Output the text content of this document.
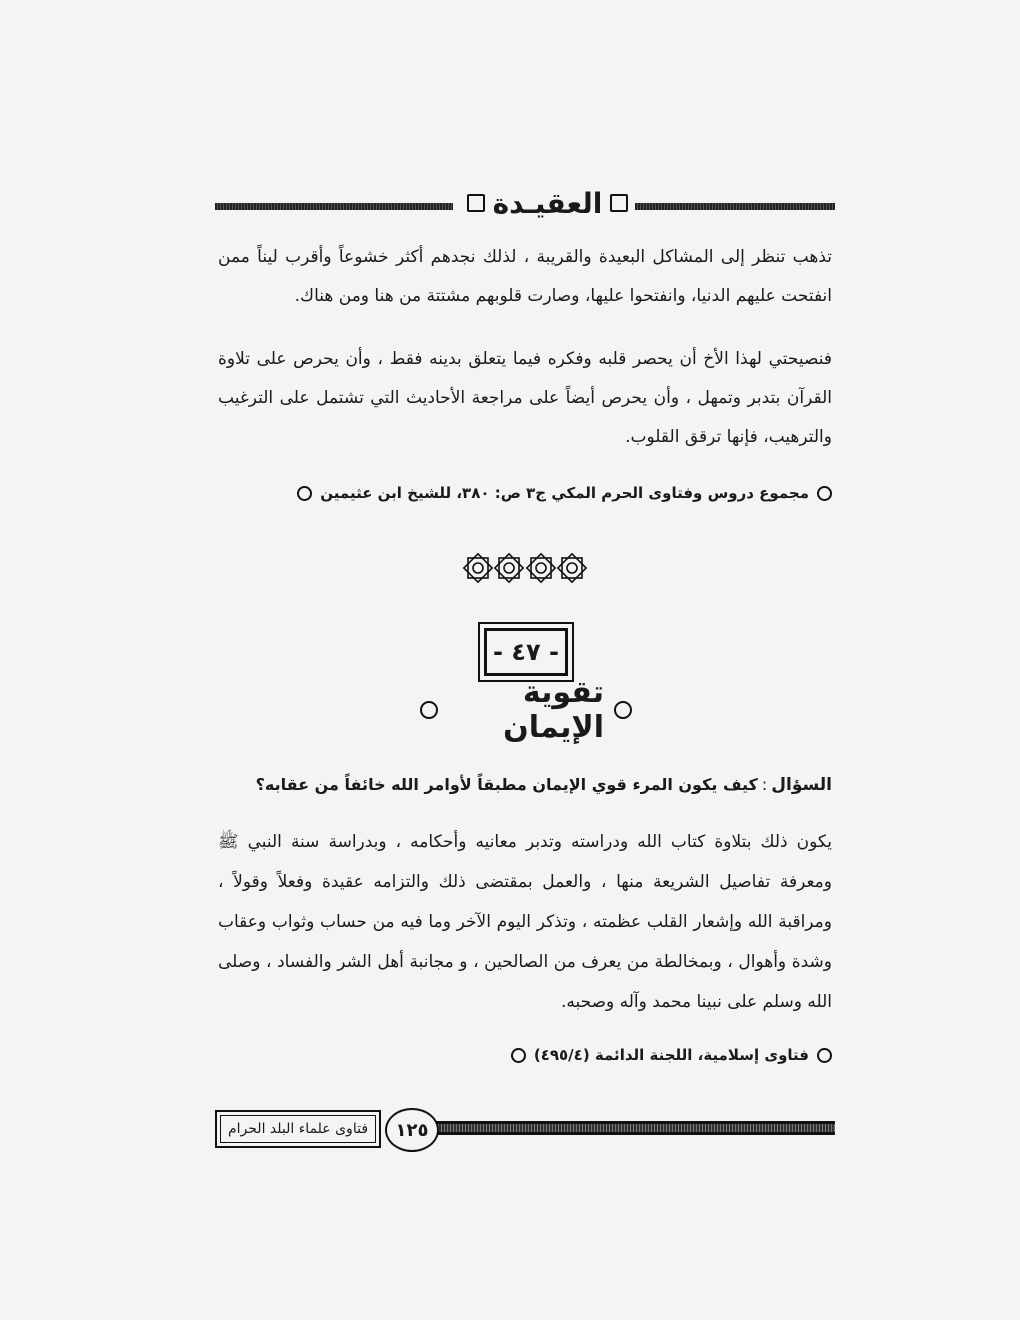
العقيـدة
تذهب تنظر إلى المشاكل البعيدة والقريبة ، لذلك نجدهم أكثر خشوعاً وأقرب ليناً ممن انفتحت عليهم الدنيا، وانفتحوا عليها، وصارت قلوبهم مشتتة من هنا ومن هناك.
فنصيحتي لهذا الأخ أن يحصر قلبه وفكره فيما يتعلق بدينه فقط ، وأن يحرص على تلاوة القرآن بتدبر وتمهل ، وأن يحرص أيضاً على مراجعة الأحاديث التي تشتمل على الترغيب والترهيب، فإنها ترقق القلوب.
مجموع دروس وفتاوى الحرم المكي ج٣ ص: ٣٨٠، للشيخ ابن عثيمين
- ٤٧ -
تقوية الإيمان
السؤال:كيف يكون المرء قوي الإيمان مطبقاً لأوامر الله خائفاً من عقابه؟
يكون ذلك بتلاوة كتاب الله ودراسته وتدبر معانيه وأحكامه ، وبدراسة سنة النبي ﷺ ومعرفة تفاصيل الشريعة منها ، والعمل بمقتضى ذلك والتزامه عقيدة وفعلاً وقولاً ، ومراقبة الله وإشعار القلب عظمته ، وتذكر اليوم الآخر وما فيه من حساب وثواب وعقاب وشدة وأهوال ، وبمخالطة من يعرف من الصالحين ، و مجانبة أهل الشر والفساد ، وصلى الله وسلم على نبينا محمد وآله وصحبه.
فتاوى إسلامية، اللجنة الدائمة (٤٩٥/٤)
١٢٥
فتاوى علماء البلد الحرام
